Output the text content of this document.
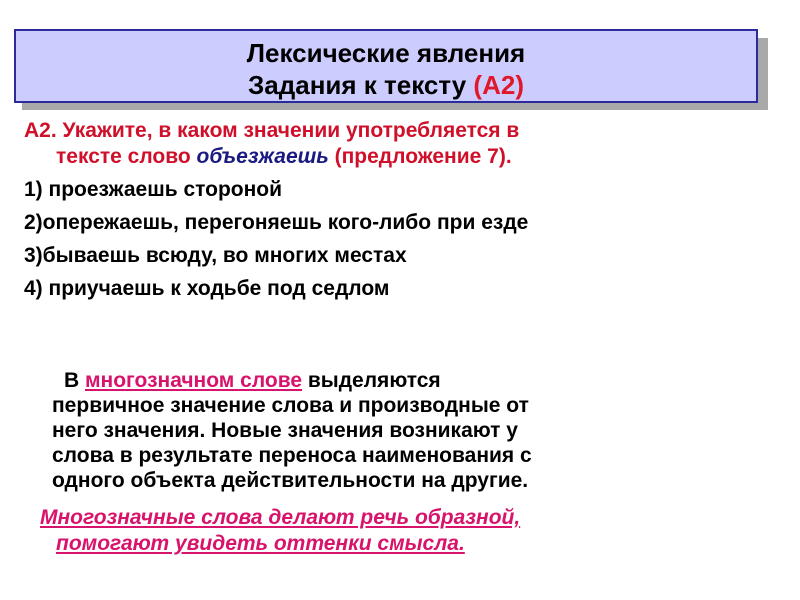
Лексические явления
Задания к тексту (А2)
А2. Укажите, в каком значении употребляется в
тексте слово объезжаешь (предложение 7).
1) проезжаешь стороной
2)опережаешь, перегоняешь кого-либо при езде
3)бываешь всюду, во многих местах
4) приучаешь к ходьбе под седлом
В многозначном слове выделяются
первичное значение слова и производные от
него значения. Новые значения возникают у
слова в результате переноса наименования с
одного объекта действительности на другие.
Многозначные слова делают речь образной,
помогают увидеть оттенки смысла.
